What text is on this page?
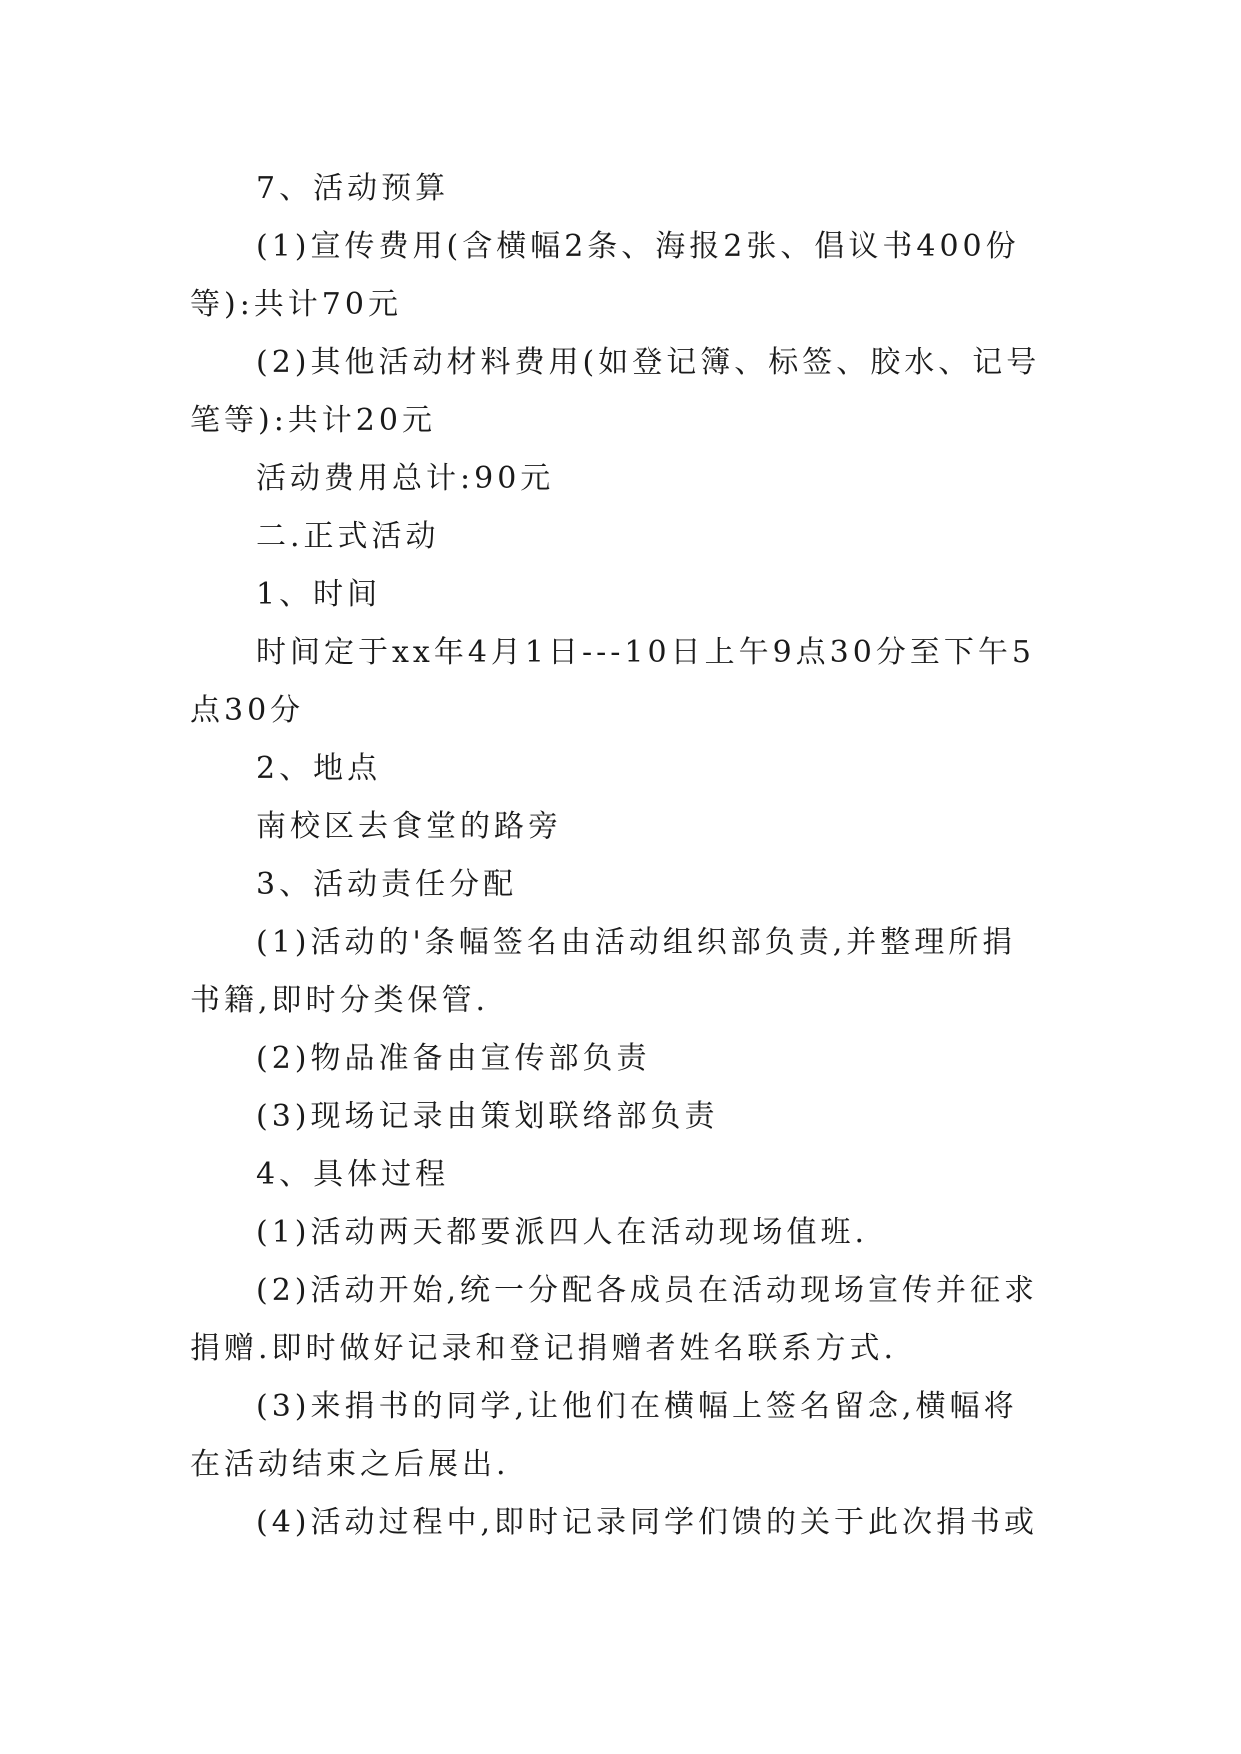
7、活动预算

(1)宣传费用(含横幅2条、海报2张、倡议书400份等):共计70元

(2)其他活动材料费用(如登记簿、标签、胶水、记号笔等):共计20元

活动费用总计:90元

二.正式活动

1、时间

时间定于xx年4月1日---10日上午9点30分至下午5点30分

2、地点

南校区去食堂的路旁

3、活动责任分配

(1)活动的'条幅签名由活动组织部负责,并整理所捐书籍,即时分类保管.

(2)物品准备由宣传部负责

(3)现场记录由策划联络部负责

4、具体过程

(1)活动两天都要派四人在活动现场值班.

(2)活动开始,统一分配各成员在活动现场宣传并征求捐赠.即时做好记录和登记捐赠者姓名联系方式.

(3)来捐书的同学,让他们在横幅上签名留念,横幅将在活动结束之后展出.

(4)活动过程中,即时记录同学们馈的关于此次捐书或
